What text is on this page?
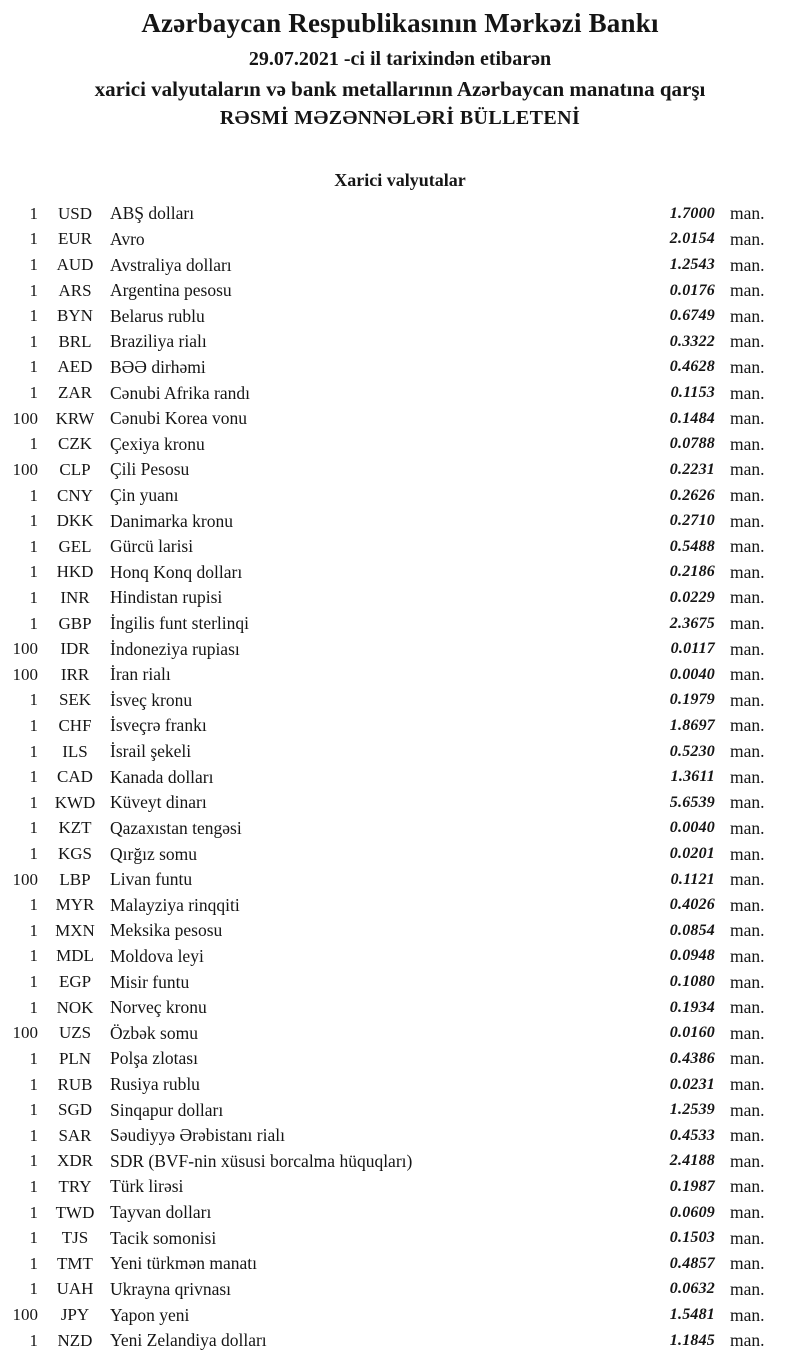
Azərbaycan Respublikasının Mərkəzi Bankı
29.07.2021 -ci il tarixindən etibarən
xarici valyutaların və bank metallarının Azərbaycan manatına qarşı
RƏSMİ MƏZƏNNƏLƏRİ BÜLLETENİ
Xarici valyutalar
1	USD	ABŞ dolları	1.7000 man.
1	EUR	Avro	2.0154 man.
1	AUD Avstraliya dolları	1.2543 man.
1	ARS	Argentina pesosu	0.0176 man.
1	BYN Belarus rublu	0.6749 man.
1	BRL	Braziliya rialı	0.3322 man.
1	AED	BƏƏ dirhəmi	0.4628 man.
1	ZAR	Cənubi Afrika randı	0.1153 man.
100	KRW Cənubi Korea vonu	0.1484 man.
1	CZK	Çexiya kronu	0.0788 man.
100	CLP	Çili Pesosu	0.2231 man.
1	CNY Çin yuanı	0.2626 man.
1	DKK Danimarka kronu	0.2710 man.
1	GEL	Gürcü larisi	0.5488 man.
1	HKD Honq Konq dolları	0.2186 man.
1	INR	Hindistan rupisi	0.0229 man.
1	GBP	İngilis funt sterlinqi	2.3675 man.
100	IDR	İndoneziya rupiası	0.0117 man.
100	IRR	İran rialı	0.0040 man.
1	SEK	İsveç kronu	0.1979 man.
1	CHF	İsveçrə frankı	1.8697 man.
1	ILS	İsrail şekeli	0.5230 man.
1	CAD Kanada dolları	1.3611 man.
1 KWD Küveyt dinarı	5.6539 man.
1	KZT	Qazaxıstan tengəsi	0.0040 man.
1	KGS	Qırğız somu	0.0201 man.
100	LBP	Livan funtu	0.1121 man.
1	MYR Malayziya rinqqiti	0.4026 man.
1	MXN Meksika pesosu	0.0854 man.
1	MDL Moldova leyi	0.0948 man.
1	EGP	Misir funtu	0.1080 man.
1	NOK Norveç kronu	0.1934 man.
100	UZS	Özbək somu	0.0160 man.
1	PLN	Polşa zlotası	0.4386 man.
1	RUB	Rusiya rublu	0.0231 man.
1	SGD	Sinqapur dolları	1.2539 man.
1	SAR	Səudiyyə Ərəbistanı rialı	0.4533 man.
1	XDR SDR (BVF-nin xüsusi borcalma hüquqları)	2.4188 man.
1	TRY	Türk lirəsi	0.1987 man.
1	TWD Tayvan dolları	0.0609 man.
1	TJS	Tacik somonisi	0.1503 man.
1	TMT Yeni türkmən manatı	0.4857 man.
1	UAH Ukrayna qrivnası	0.0632 man.
100	JPY	Yapon yeni	1.5481 man.
1	NZD	Yeni Zelandiya dolları	1.1845 man.
